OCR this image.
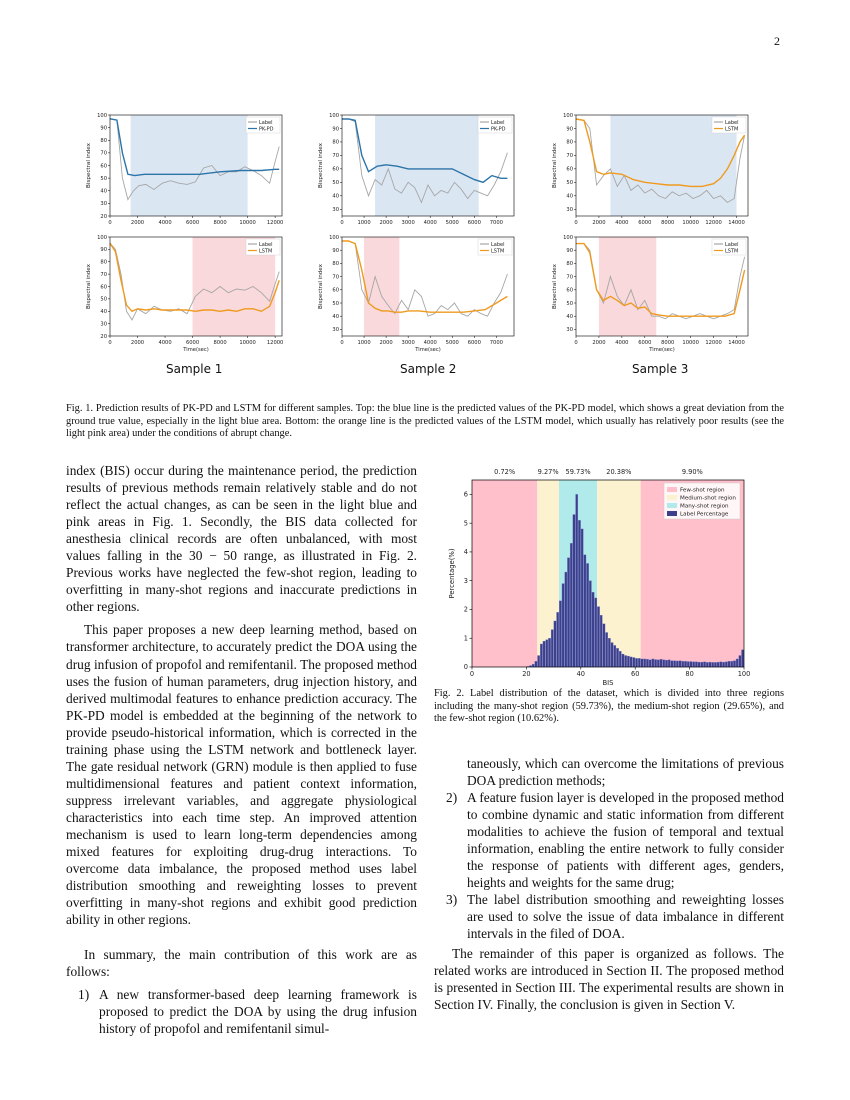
2
0	2000	4000	6000	8000 10000 12000
20
30
40
50
60
70
80
90
100
Bispectral index
Label
PK-PD
0	1000 2000 3000 4000 5000 6000 7000
30
40
50
60
70
80
90
100
Bispectral index
Label
PK-PD
0	2000 4000 6000 8000 10000 12000 14000
30
40
50
60
70
80
90
100
Bispectral index
Label
LSTM
0	2000	4000	6000	8000 10000 12000
20
30
40
50
60
70
80
90
100
Bispectral index
Time(sec)
Label
LSTM
0	1000 2000 3000 4000 5000 6000 7000
30
40
50
60
70
80
90
100
Bispectral index
Time(sec)
Label
LSTM
0	2000 4000 6000 8000 10000 12000 14000
30
40
50
60
70
80
90
100
Bispectral index
Time(sec)
Label
LSTM
Sample 1	Sample 2	Sample 3
Fig. 1. Prediction results of PK-PD and LSTM for different samples. Top: the blue line is the predicted values of the PK-PD model, which shows a great deviation from the ground true value, especially in the light blue area. Bottom: the orange line is the predicted values of the LSTM model, which usually has relatively poor results (see the light pink area) under the conditions of abrupt change.

index (BIS) occur during the maintenance period, the prediction results of previous methods remain relatively stable and do not reflect the actual changes, as can be seen in the light blue and pink areas in Fig. 1. Secondly, the BIS data collected for anesthesia clinical records are often unbalanced, with most values falling in the 30 − 50 range, as illustrated in Fig. 2. Previous works have neglected the few-shot region, leading to overfitting in many-shot regions and inaccurate predictions in other regions.

This paper proposes a new deep learning method, based on transformer architecture, to accurately predict the DOA using the drug infusion of propofol and remifentanil. The proposed method uses the fusion of human parameters, drug injection history, and derived multimodal features to enhance prediction accuracy. The PK-PD model is embedded at the beginning of the network to provide pseudo-historical information, which is corrected in the training phase using the LSTM network and bottleneck layer. The gate residual network (GRN) module is then applied to fuse multidimensional features and patient context information, suppress irrelevant variables, and aggregate physiological characteristics into each time step. An improved attention mechanism is used to learn long-term dependencies among mixed features for exploiting drug-drug interactions. To overcome data imbalance, the proposed method uses label distribution smoothing and reweighting losses to prevent overfitting in many-shot regions and exhibit good prediction ability in other regions.

In summary, the main contribution of this work are as follows:

1) A new transformer-based deep learning framework is proposed to predict the DOA by using the drug infusion history of propofol and remifentanil simul-
0.72%	9.27% 59.73% 20.38%	9.90%
0	20	40	60	80	100
0
1
2
3
4
5
6
BIS
Percentage(%)
Few-shot region
Medium-shot region
Many-shot region
Label Percentage
Fig. 2. Label distribution of the dataset, which is divided into three regions including the many-shot region (59.73%), the medium-shot region (29.65%), and the few-shot region (10.62%).
taneously, which can overcome the limitations of previous DOA prediction methods;
2) A feature fusion layer is developed in the proposed method to combine dynamic and static information from different modalities to achieve the fusion of temporal and textual information, enabling the entire network to fully consider the response of patients with different ages, genders, heights and weights for the same drug;
3) The label distribution smoothing and reweighting losses are used to solve the issue of data imbalance in different intervals in the filed of DOA.

The remainder of this paper is organized as follows. The related works are introduced in Section II. The proposed method is presented in Section III. The experimental results are shown in Section IV. Finally, the conclusion is given in Section V.
